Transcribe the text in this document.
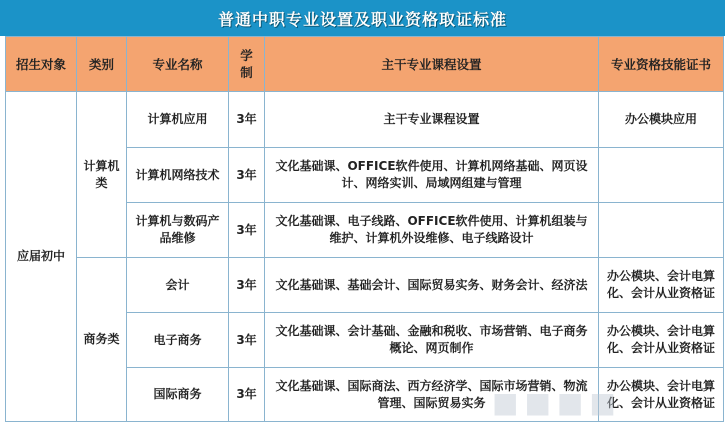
普通中职专业设置及职业资格取证标准
招生对象	类别	专业名称	学制	主干专业课程设置	专业资格技能证书
应届初中	计算机类	计算机应用	3年	主干专业课程设置	办公模块应用
		计算机网络技术	3年	文化基础课、OFFICE软件使用、计算机网络基础、网页设计、网络实训、局域网组建与管理	
		计算机与数码产品维修	3年	文化基础课、电子线路、OFFICE软件使用、计算机组装与维护、计算机外设维修、电子线路设计	
	商务类	会计	3年	文化基础课、基础会计、国际贸易实务、财务会计、经济法	办公模块、会计电算化、会计从业资格证
		电子商务	3年	文化基础课、会计基础、金融和税收、市场营销、电子商务概论、网页制作	办公模块、会计电算化、会计从业资格证
		国际商务	3年	文化基础课、国际商法、西方经济学、国际市场营销、物流管理、国际贸易实务	办公模块、会计电算化、会计从业资格证
■■■■
